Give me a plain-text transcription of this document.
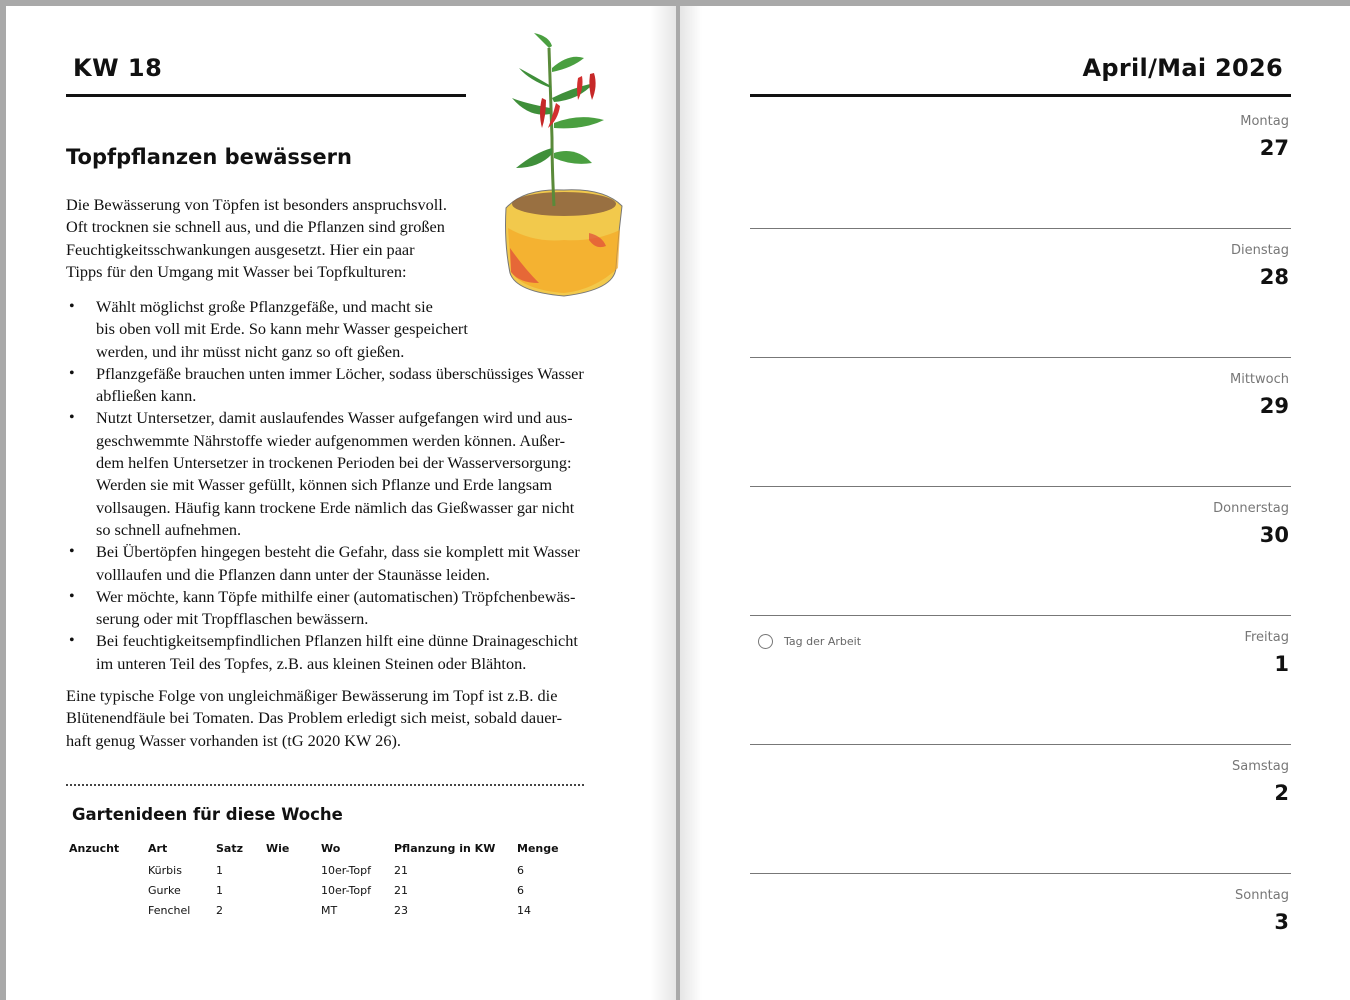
KW 18
Topfpflanzen bewässern
Die Bewässerung von Töpfen ist besonders anspruchsvoll.
Oft trocknen sie schnell aus, und die Pflanzen sind großen
Feuchtigkeitsschwankungen ausgesetzt. Hier ein paar
Tipps für den Umgang mit Wasser bei Topfkulturen:
• Wählt möglichst große Pflanzgefäße, und macht sie
bis oben voll mit Erde. So kann mehr Wasser gespeichert
werden, und ihr müsst nicht ganz so oft gießen.
• Pflanzgefäße brauchen unten immer Löcher, sodass überschüssiges Wasser
abfließen kann.
• Nutzt Untersetzer, damit auslaufendes Wasser aufgefangen wird und aus-
geschwemmte Nährstoffe wieder aufgenommen werden können. Außer-
dem helfen Untersetzer in trockenen Perioden bei der Wasserversorgung:
Werden sie mit Wasser gefüllt, können sich Pflanze und Erde langsam
vollsaugen. Häufig kann trockene Erde nämlich das Gießwasser gar nicht
so schnell aufnehmen.
• Bei Übertöpfen hingegen besteht die Gefahr, dass sie komplett mit Wasser
volllaufen und die Pflanzen dann unter der Staunässe leiden.
• Wer möchte, kann Töpfe mithilfe einer (automatischen) Tröpfchenbewäs-
serung oder mit Tropfflaschen bewässern.
• Bei feuchtigkeitsempfindlichen Pflanzen hilft eine dünne Drainageschicht
im unteren Teil des Topfes, z.B. aus kleinen Steinen oder Blähton.
Eine typische Folge von ungleichmäßiger Bewässerung im Topf ist z.B. die
Blütenendfäule bei Tomaten. Das Problem erledigt sich meist, sobald dauer-
haft genug Wasser vorhanden ist (tG 2020 KW 26).
Gartenideen für diese Woche
Anzucht	Art	Satz	Wie	Wo	Pflanzung in KW	Menge
	Kürbis	1		10er-Topf	21	6
	Gurke	1		10er-Topf	21	6
	Fenchel	2		MT	23	14
April/Mai 2026
Montag
27
Dienstag
28
Mittwoch
29
Donnerstag
30
Tag der Arbeit	Freitag
1
Samstag
2
Sonntag
3
